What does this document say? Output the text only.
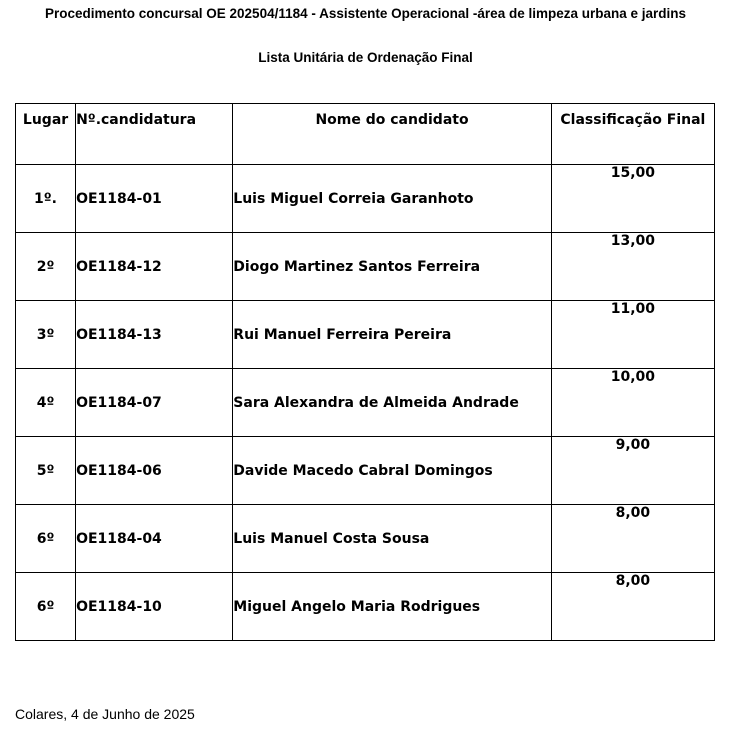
Procedimento concursal OE 202504/1184 - Assistente Operacional -área de limpeza urbana e jardins
Lista Unitária de Ordenação Final
Lugar	Nº.candidatura	Nome do candidato	Classificação Final
1º.	OE1184-01	Luis Miguel Correia Garanhoto	15,00
2º	OE1184-12	Diogo Martinez Santos Ferreira	13,00
3º	OE1184-13	Rui Manuel Ferreira Pereira	11,00
4º	OE1184-07	Sara Alexandra de Almeida Andrade	10,00
5º	OE1184-06	Davide Macedo Cabral Domingos	9,00
6º	OE1184-04	Luis Manuel Costa Sousa	8,00
6º	OE1184-10	Miguel Angelo Maria Rodrigues	8,00
Colares, 4 de Junho de 2025
